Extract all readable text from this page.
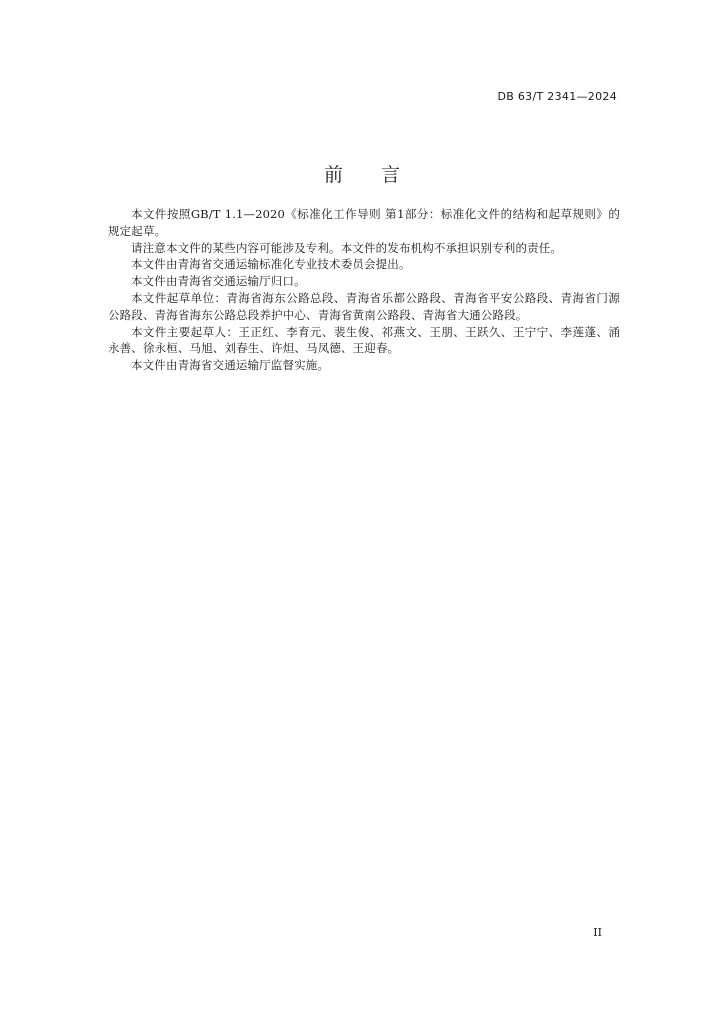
DB 63/T 2341—2024
前 言

本文件按照GB/T 1.1—2020《标准化工作导则 第1部分：标准化文件的结构和起草规则》的规定起草。

请注意本文件的某些内容可能涉及专利。本文件的发布机构不承担识别专利的责任。

本文件由青海省交通运输标准化专业技术委员会提出。

本文件由青海省交通运输厅归口。

本文件起草单位：青海省海东公路总段、青海省乐都公路段、青海省平安公路段、青海省门源公路段、青海省海东公路总段养护中心、青海省黄南公路段、青海省大通公路段。

本文件主要起草人：王正红、李育元、裴生俊、祁燕文、王朋、王跃久、王宁宁、李莲蓬、涌永善、徐永桓、马旭、刘春生、许炟、马凤德、王迎春。

本文件由青海省交通运输厅监督实施。

II
